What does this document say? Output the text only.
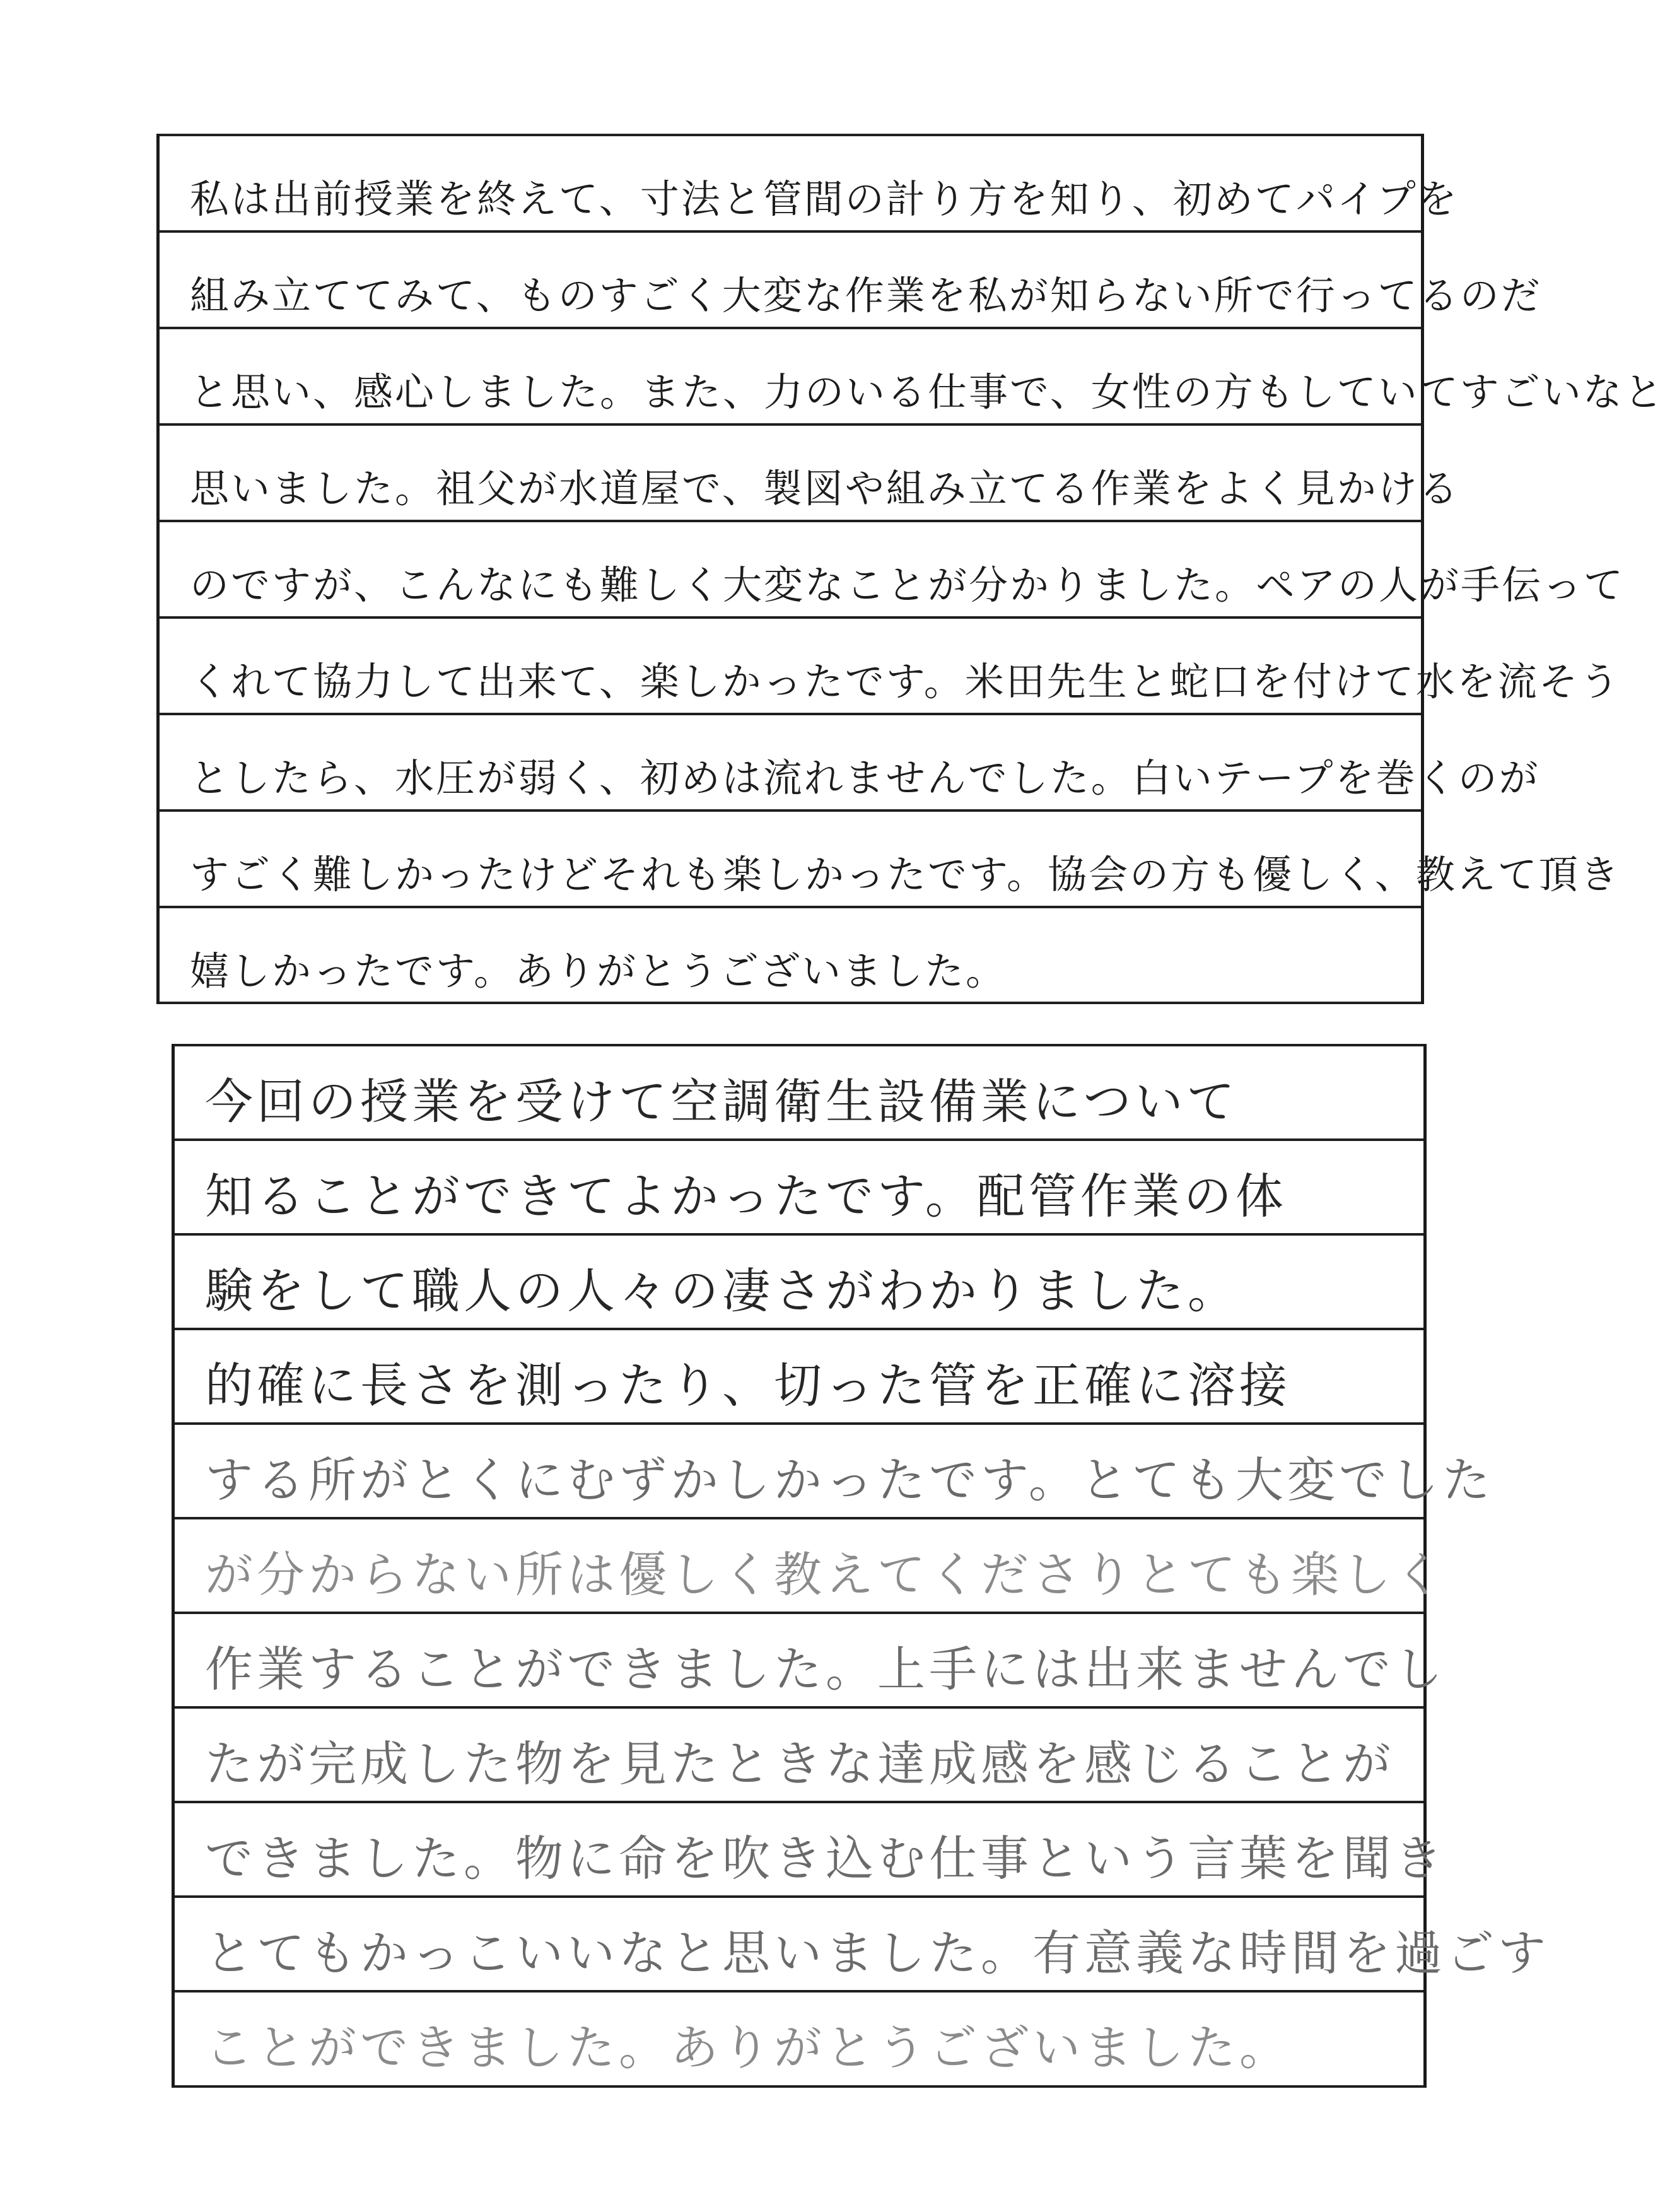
私は出前授業を終えて、寸法と管間の計り方を知り、初めてパイプを
組み立ててみて、ものすごく大変な作業を私が知らない所で行ってるのだ
と思い、感心しました。また、力のいる仕事で、女性の方もしていてすごいなと
思いました。祖父が水道屋で、製図や組み立てる作業をよく見かける
のですが、こんなにも難しく大変なことが分かりました。ペアの人が手伝って
くれて協力して出来て、楽しかったです。米田先生と蛇口を付けて水を流そう
としたら、水圧が弱く、初めは流れませんでした。白いテープを巻くのが
すごく難しかったけどそれも楽しかったです。協会の方も優しく、教えて頂き
嬉しかったです。ありがとうございました。
今回の授業を受けて空調衛生設備業について
知ることができてよかったです。配管作業の体
験をして職人の人々の凄さがわかりました。
的確に長さを測ったり、切った管を正確に溶接
する所がとくにむずかしかったです。とても大変でした
が分からない所は優しく教えてくださりとても楽しく
作業することができました。上手には出来ませんでし
たが完成した物を見たときな達成感を感じることが
できました。物に命を吹き込む仕事という言葉を聞き
とてもかっこいいなと思いました。有意義な時間を過ごす
ことができました。ありがとうございました。
